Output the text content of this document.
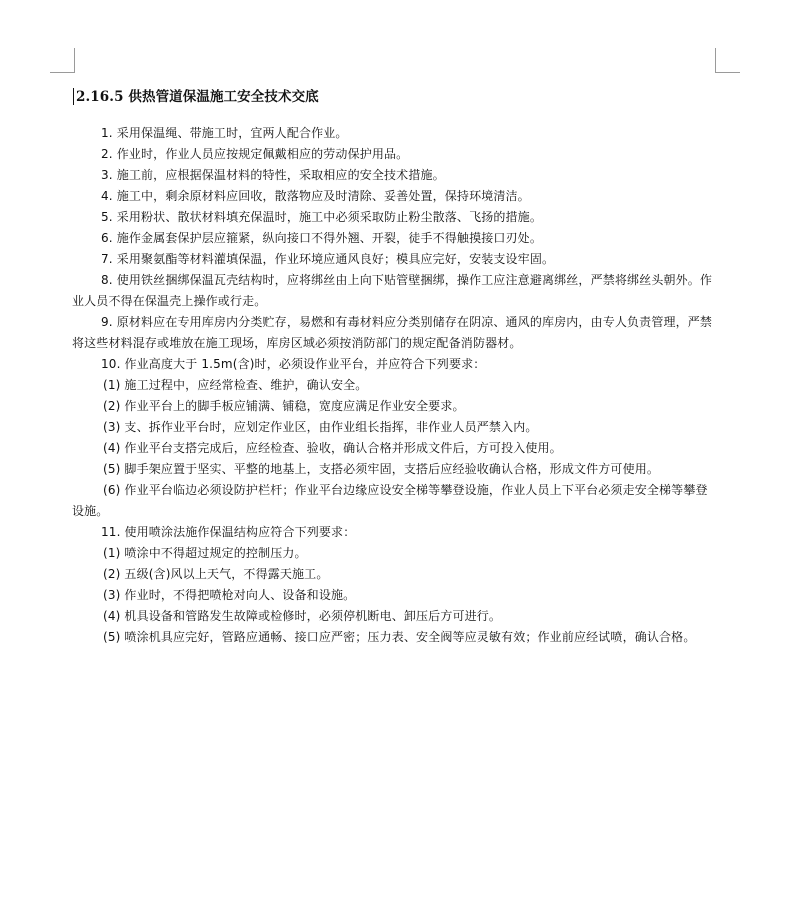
2.16.5 供热管道保温施工安全技术交底

1. 采用保温绳、带施工时，宜两人配合作业。

2. 作业时，作业人员应按规定佩戴相应的劳动保护用品。

3. 施工前，应根据保温材料的特性，采取相应的安全技术措施。

4. 施工中，剩余原材料应回收，散落物应及时清除、妥善处置，保持环境清洁。

5. 采用粉状、散状材料填充保温时，施工中必须采取防止粉尘散落、飞扬的措施。

6. 施作金属套保护层应箍紧，纵向接口不得外翘、开裂，徒手不得触摸接口刃处。

7. 采用聚氨酯等材料灌填保温，作业环境应通风良好；模具应完好，安装支设牢固。

8. 使用铁丝捆绑保温瓦壳结构时，应将绑丝由上向下贴管壁捆绑，操作工应注意避离绑丝，严禁将绑丝头朝外。作业人员不得在保温壳上操作或行走。

9. 原材料应在专用库房内分类贮存，易燃和有毒材料应分类别储存在阴凉、通风的库房内，由专人负责管理，严禁将这些材料混存或堆放在施工现场，库房区域必须按消防部门的规定配备消防器材。

10. 作业高度大于 1.5m(含)时，必须设作业平台，并应符合下列要求：

(1) 施工过程中，应经常检查、维护，确认安全。

(2) 作业平台上的脚手板应铺满、铺稳，宽度应满足作业安全要求。

(3) 支、拆作业平台时，应划定作业区，由作业组长指挥，非作业人员严禁入内。

(4) 作业平台支搭完成后，应经检查、验收，确认合格并形成文件后，方可投入使用。

(5) 脚手架应置于坚实、平整的地基上，支搭必须牢固，支搭后应经验收确认合格，形成文件方可使用。

(6) 作业平台临边必须设防护栏杆；作业平台边缘应设安全梯等攀登设施，作业人员上下平台必须走安全梯等攀登设施。

11. 使用喷涂法施作保温结构应符合下列要求：

(1) 喷涂中不得超过规定的控制压力。

(2) 五级(含)风以上天气，不得露天施工。

(3) 作业时，不得把喷枪对向人、设备和设施。

(4) 机具设备和管路发生故障或检修时，必须停机断电、卸压后方可进行。

(5) 喷涂机具应完好，管路应通畅、接口应严密；压力表、安全阀等应灵敏有效；作业前应经试喷，确认合格。
